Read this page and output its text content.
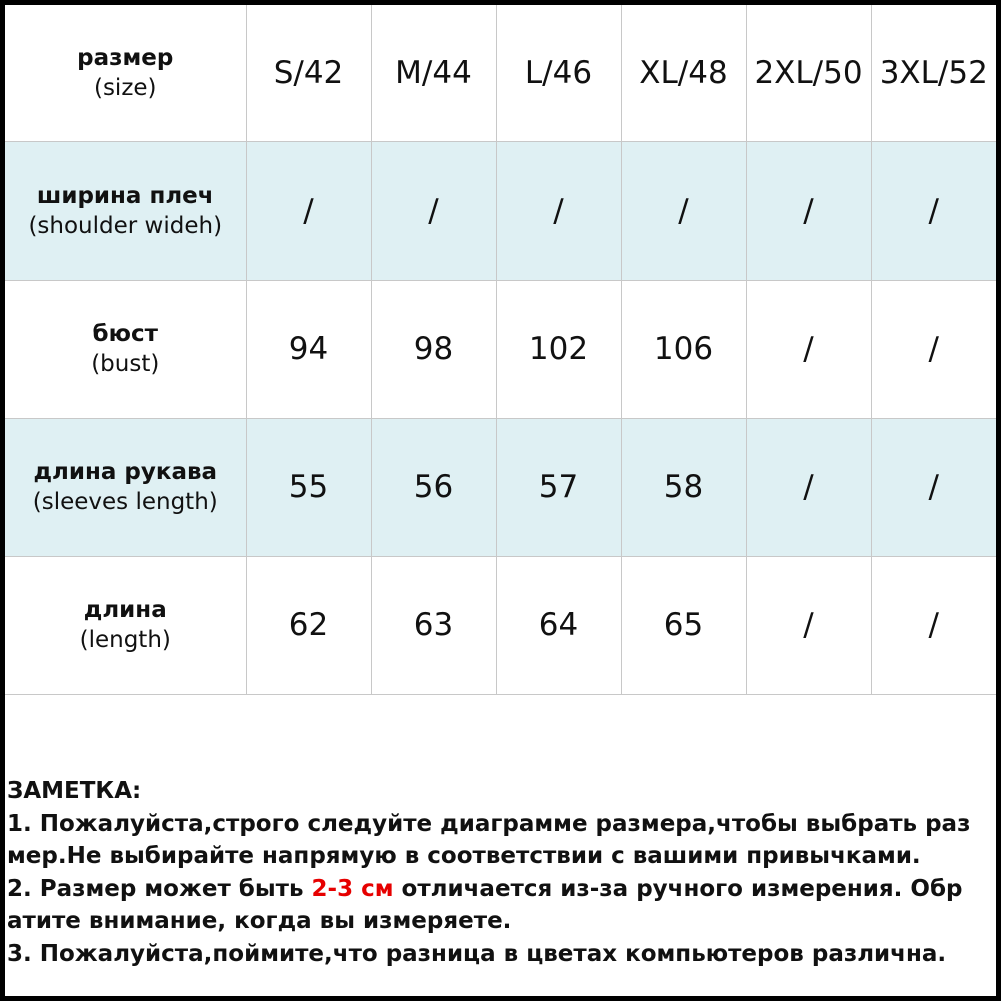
размер
(size)	S/42	M/44	L/46	XL/48	2XL/50	3XL/52

ширина плеч
(shoulder wideh)	/	/	/	/	/	/

бюст
(bust)	94	98	102	106	/	/

длина рукава
(sleeves length)	55	56	57	58	/	/

длина
(length)	62	63	64	65	/	/
ЗАМЕТКА:
1. Пожалуйста,строго следуйте диаграмме размера,чтобы выбрать раз
мер.Не выбирайте напрямую в соответствии с вашими привычками.
2. Размер может быть 2-3 см отличается из-за ручного измерения. Обр
атите внимание, когда вы измеряете.
3. Пожалуйста,поймите,что разница в цветах компьютеров различна.
